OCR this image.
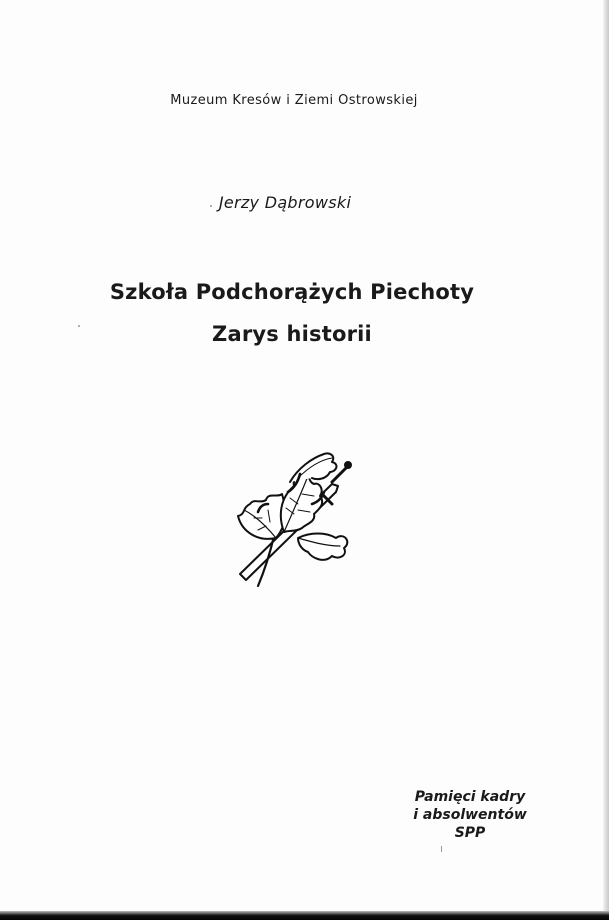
Muzeum Kresów i Ziemi Ostrowskiej
Jerzy Dąbrowski
Szkoła Podchorążych Piechoty
Zarys historii
Pamięci kadry
i absolwentów
SPP
